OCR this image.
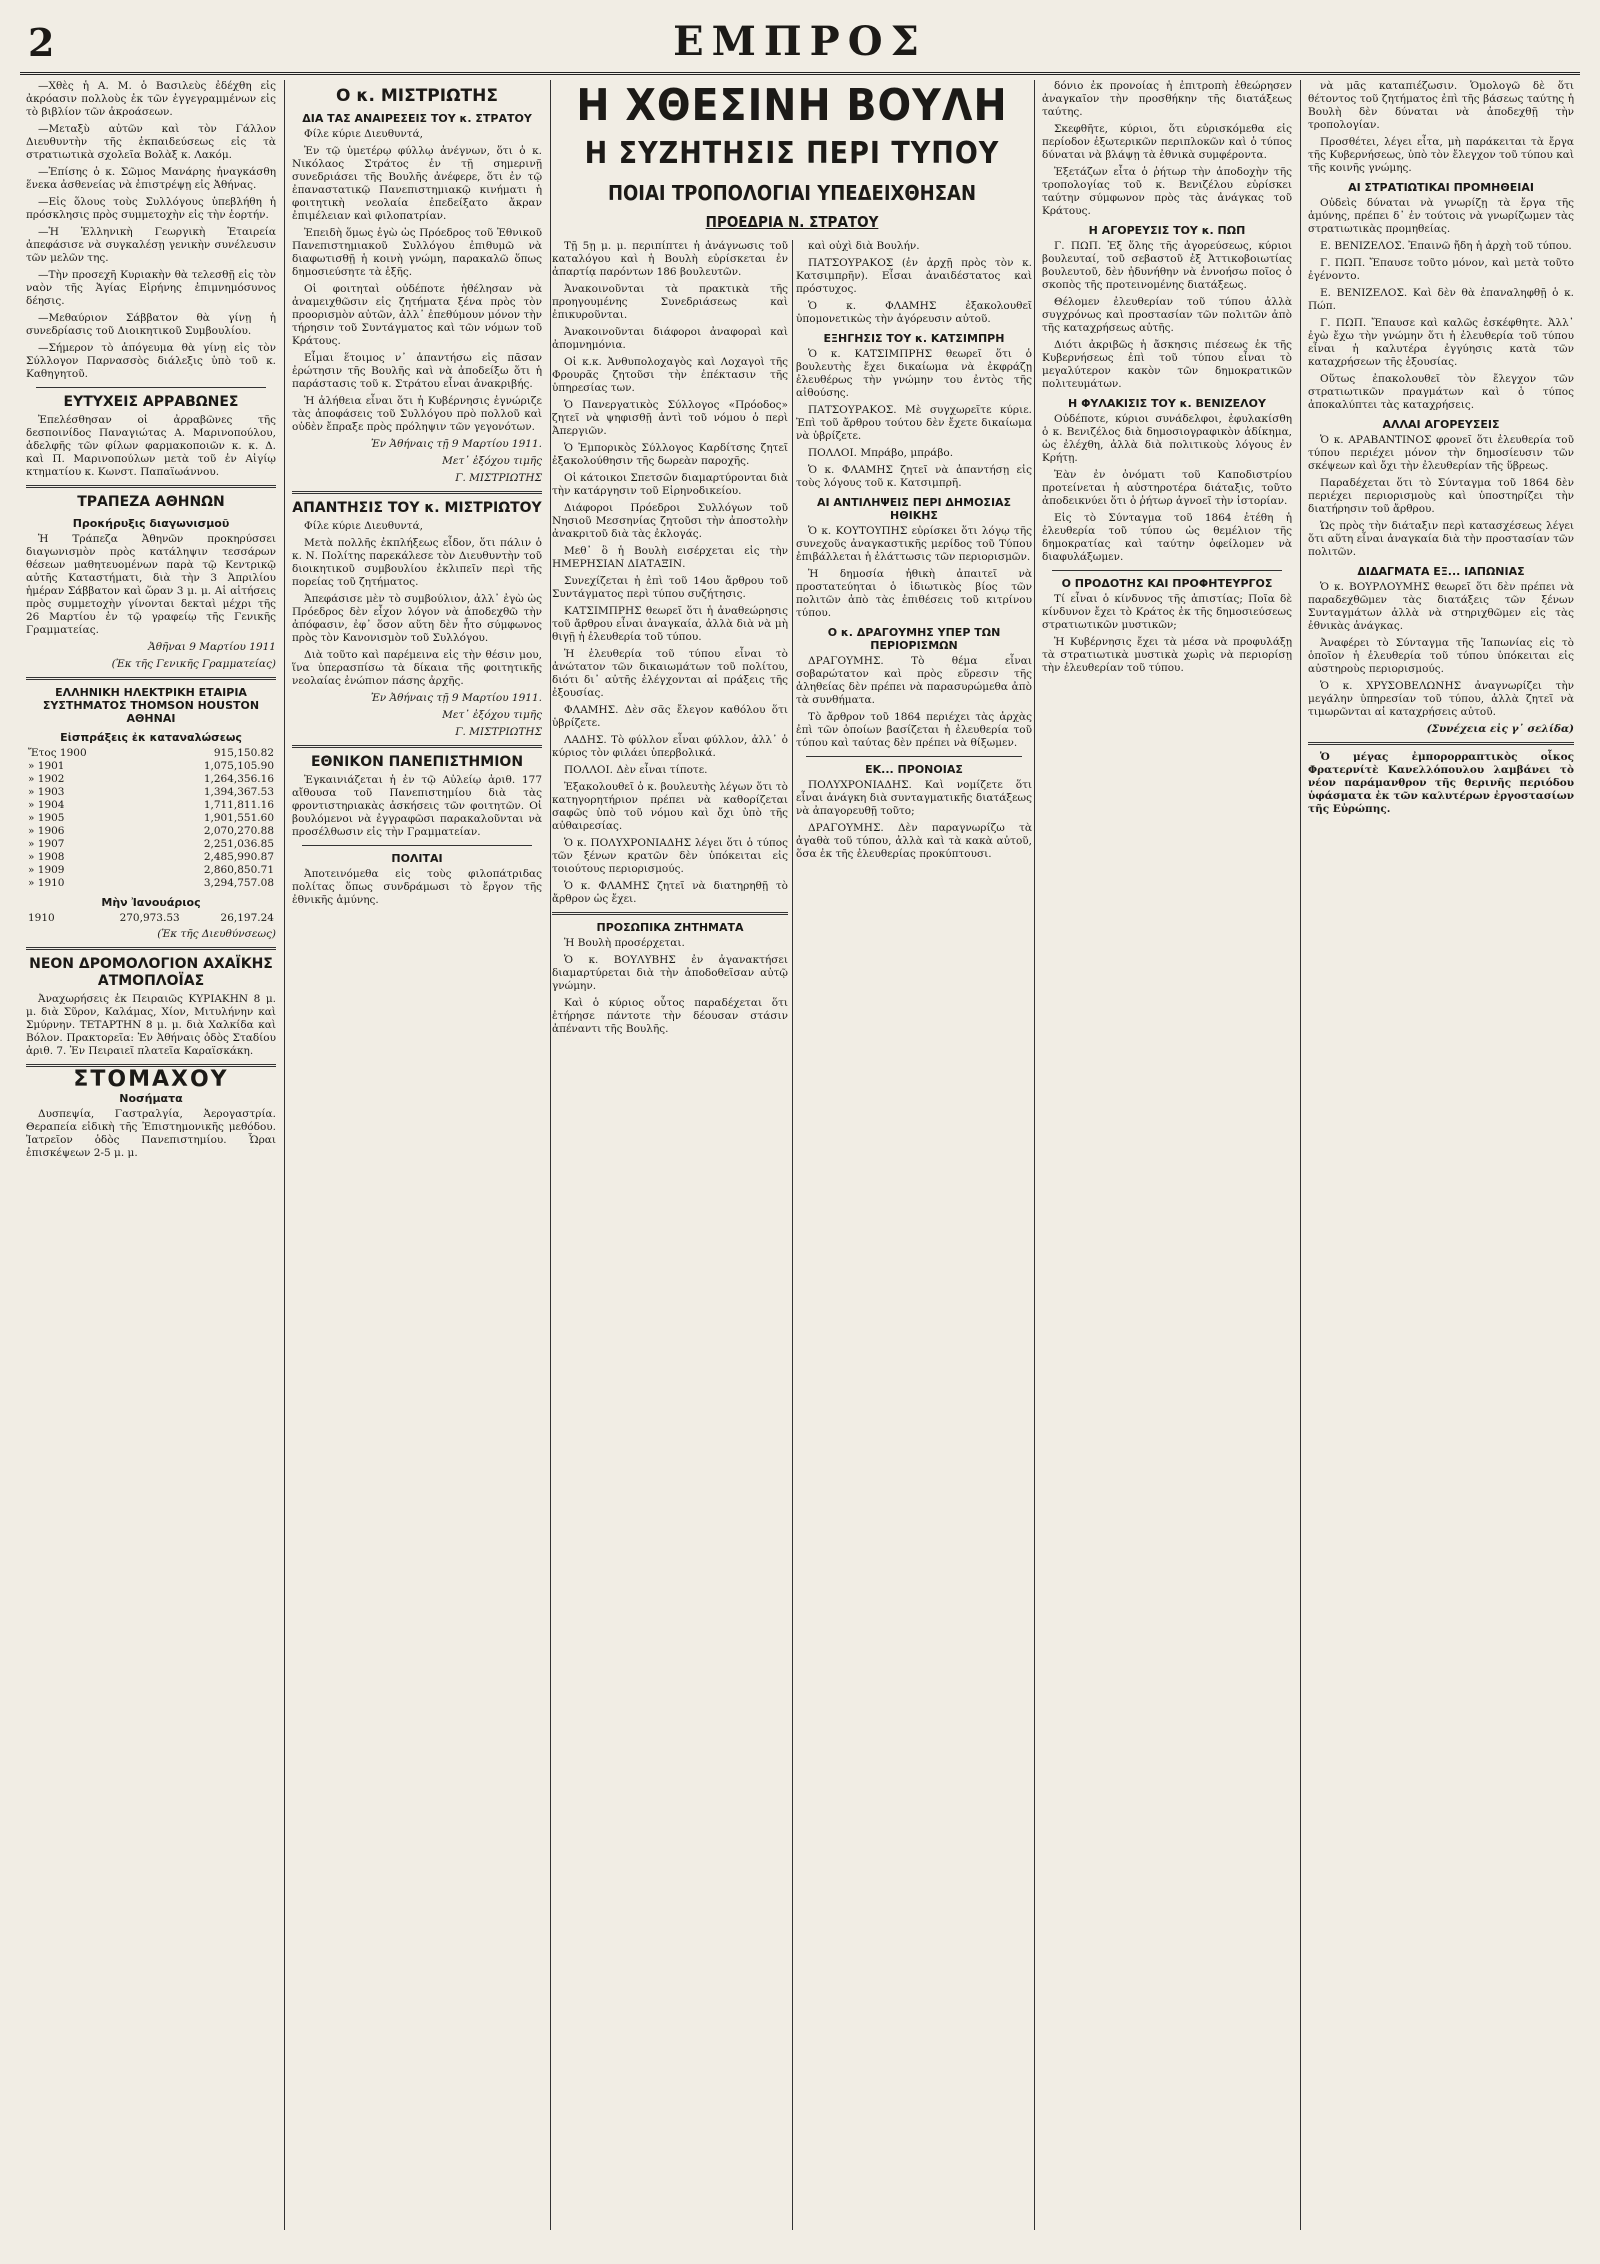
2	ΕΜΠΡΟΣ

—Χθὲς ἡ Α. Μ. ὁ Βασιλεὺς ἐδέχθη εἰς ἀκρόασιν πολλοὺς ἐκ τῶν ἐγγεγραμμένων εἰς τὸ βιβλίον τῶν ἀκροάσεων.

—Μεταξὺ αὐτῶν καὶ τὸν Γάλλον Διευθυντὴν τῆς ἐκπαιδεύσεως εἰς τὰ στρατιωτικὰ σχολεῖα Βολὰξ κ. Λακόμ.

—Ἐπίσης ὁ κ. Σῶμος Μανάρης ἠναγκάσθη ἕνεκα ἀσθενείας νὰ ἐπιστρέψῃ εἰς Ἀθήνας.

—Εἰς ὅλους τοὺς Συλλόγους ὑπεβλήθη ἡ πρόσκλησις πρὸς συμμετοχὴν εἰς τὴν ἑορτήν.

—Ἡ Ἑλληνικὴ Γεωργικὴ Ἑταιρεία ἀπεφάσισε νὰ συγκαλέσῃ γενικὴν συνέλευσιν τῶν μελῶν της.

—Τὴν προσεχῆ Κυριακὴν θὰ τελεσθῇ εἰς τὸν ναὸν τῆς Ἁγίας Εἰρήνης ἐπιμνημόσυνος δέησις.

—Μεθαύριον Σάββατον θὰ γίνῃ ἡ συνεδρίασις τοῦ Διοικητικοῦ Συμβουλίου.

—Σήμερον τὸ ἀπόγευμα θὰ γίνῃ εἰς τὸν Σύλλογον Παρνασσὸς διάλεξις ὑπὸ τοῦ κ. Καθηγητοῦ.

ΕΥΤΥΧΕΙΣ ΑΡΡΑΒΩΝΕΣ

Ἐπελέσθησαν οἱ ἀρραβῶνες τῆς δεσποινίδος Παναγιώτας Α. Μαρινοπούλου, ἀδελφῆς τῶν φίλων φαρμακοποιῶν κ. κ. Δ. καὶ Π. Μαρινοπούλων μετὰ τοῦ ἐν Αἰγίῳ κτηματίου κ. Κωνστ. Παπαϊωάννου.

ΤΡΑΠΕΖΑ ΑΘΗΝΩΝ
Προκήρυξις διαγωνισμοῦ

Ἡ Τράπεζα Ἀθηνῶν προκηρύσσει διαγωνισμὸν πρὸς κατάληψιν τεσσάρων θέσεων μαθητευομένων παρὰ τῷ Κεντρικῷ αὐτῆς Καταστήματι, διὰ τὴν 3 Ἀπριλίου ἡμέραν Σάββατον καὶ ὥραν 3 μ. μ. Αἱ αἰτήσεις πρὸς συμμετοχὴν γίνονται δεκταὶ μέχρι τῆς 26 Μαρτίου ἐν τῷ γραφείῳ τῆς Γενικῆς Γραμματείας.

Ἀθῆναι 9 Μαρτίου 1911

(Ἐκ τῆς Γενικῆς Γραμματείας)

ΕΛΛΗΝΙΚΗ ΗΛΕΚΤΡΙΚΗ ΕΤΑΙΡΙΑ ΣΥΣΤΗΜΑΤΟΣ THOMSON HOUSTON ΑΘΗΝΑΙ
Εἰσπράξεις ἐκ καταναλώσεως
Ἔτος 1900	915,150.82
» 1901	1,075,105.90
» 1902	1,264,356.16
» 1903	1,394,367.53
» 1904	1,711,811.16
» 1905	1,901,551.60
» 1906	2,070,270.88
» 1907	2,251,036.85
» 1908	2,485,990.87
» 1909	2,860,850.71
» 1910	3,294,757.08
Μὴν Ἰανουάριος
1910	270,973.53	26,197.24

(Ἐκ τῆς Διευθύνσεως)

ΝΕΟΝ ΔΡΟΜΟΛΟΓΙΟΝ ΑΧΑΪΚΗΣ ΑΤΜΟΠΛΟΪΑΣ

Ἀναχωρήσεις ἐκ Πειραιῶς ΚΥΡΙΑΚΗΝ 8 μ. μ. διὰ Σῦρον, Καλάμας, Χίον, Μιτυλήνην καὶ Σμύρνην. ΤΕΤΑΡΤΗΝ 8 μ. μ. διὰ Χαλκίδα καὶ Βόλον. Πρακτορεῖα: Ἐν Ἀθήναις ὁδὸς Σταδίου ἀριθ. 7. Ἐν Πειραιεῖ πλατεῖα Καραϊσκάκη.

ΣΤΟΜΑΧΟΥ
Νοσήματα

Δυσπεψία, Γαστραλγία, Ἀερογαστρία. Θεραπεία εἰδικὴ τῆς Ἐπιστημονικῆς μεθόδου. Ἰατρεῖον ὁδὸς Πανεπιστημίου. Ὧραι ἐπισκέψεων 2-5 μ. μ.

Ο κ. ΜΙΣΤΡΙΩΤΗΣ
ΔΙΑ ΤΑΣ ΑΝΑΙΡΕΣΕΙΣ ΤΟΥ κ. ΣΤΡΑΤΟΥ

Φίλε κύριε Διευθυντά,

Ἐν τῷ ὑμετέρῳ φύλλῳ ἀνέγνων, ὅτι ὁ κ. Νικόλαος Στράτος ἐν τῇ σημερινῇ συνεδριάσει τῆς Βουλῆς ἀνέφερε, ὅτι ἐν τῷ ἐπαναστατικῷ Πανεπιστημιακῷ κινήματι ἡ φοιτητικὴ νεολαία ἐπεδείξατο ἄκραν ἐπιμέλειαν καὶ φιλοπατρίαν.

Ἐπειδὴ ὅμως ἐγὼ ὡς Πρόεδρος τοῦ Ἐθνικοῦ Πανεπιστημιακοῦ Συλλόγου ἐπιθυμῶ νὰ διαφωτισθῇ ἡ κοινὴ γνώμη, παρακαλῶ ὅπως δημοσιεύσητε τὰ ἑξῆς.

Οἱ φοιτηταὶ οὐδέποτε ἠθέλησαν νὰ ἀναμειχθῶσιν εἰς ζητήματα ξένα πρὸς τὸν προορισμὸν αὐτῶν, ἀλλ᾽ ἐπεθύμουν μόνον τὴν τήρησιν τοῦ Συντάγματος καὶ τῶν νόμων τοῦ Κράτους.

Εἶμαι ἕτοιμος ν᾽ ἀπαντήσω εἰς πᾶσαν ἐρώτησιν τῆς Βουλῆς καὶ νὰ ἀποδείξω ὅτι ἡ παράστασις τοῦ κ. Στράτου εἶναι ἀνακριβής.

Ἡ ἀλήθεια εἶναι ὅτι ἡ Κυβέρνησις ἐγνώριζε τὰς ἀποφάσεις τοῦ Συλλόγου πρὸ πολλοῦ καὶ οὐδὲν ἔπραξε πρὸς πρόληψιν τῶν γεγονότων.

Ἐν Ἀθήναις τῇ 9 Μαρτίου 1911.

Μετ᾽ ἐξόχου τιμῆς

Γ. ΜΙΣΤΡΙΩΤΗΣ

ΑΠΑΝΤΗΣΙΣ ΤΟΥ κ. ΜΙΣΤΡΙΩΤΟΥ

Φίλε κύριε Διευθυντά,

Μετὰ πολλῆς ἐκπλήξεως εἶδον, ὅτι πάλιν ὁ κ. Ν. Πολίτης παρεκάλεσε τὸν Διευθυντὴν τοῦ διοικητικοῦ συμβουλίου ἐκλιπεῖν περὶ τῆς πορείας τοῦ ζητήματος.

Ἀπεφάσισε μὲν τὸ συμβούλιον, ἀλλ᾽ ἐγὼ ὡς Πρόεδρος δὲν εἶχον λόγον νὰ ἀποδεχθῶ τὴν ἀπόφασιν, ἐφ᾽ ὅσον αὕτη δὲν ἦτο σύμφωνος πρὸς τὸν Κανονισμὸν τοῦ Συλλόγου.

Διὰ τοῦτο καὶ παρέμεινα εἰς τὴν θέσιν μου, ἵνα ὑπερασπίσω τὰ δίκαια τῆς φοιτητικῆς νεολαίας ἐνώπιον πάσης ἀρχῆς.

Ἐν Ἀθήναις τῇ 9 Μαρτίου 1911.

Μετ᾽ ἐξόχου τιμῆς

Γ. ΜΙΣΤΡΙΩΤΗΣ

ΕΘΝΙΚΟΝ ΠΑΝΕΠΙΣΤΗΜΙΟΝ

Ἐγκαινιάζεται ἡ ἐν τῷ Αὐλείῳ ἀριθ. 177 αἴθουσα τοῦ Πανεπιστημίου διὰ τὰς φροντιστηριακὰς ἀσκήσεις τῶν φοιτητῶν. Οἱ βουλόμενοι νὰ ἐγγραφῶσι παρακαλοῦνται νὰ προσέλθωσιν εἰς τὴν Γραμματείαν.

ΠΟΛΙΤΑΙ

Ἀποτεινόμεθα εἰς τοὺς φιλοπάτριδας πολίτας ὅπως συνδράμωσι τὸ ἔργον τῆς ἐθνικῆς ἀμύνης.

Η ΧΘΕΣΙΝΗ ΒΟΥΛΗ
Η ΣΥΖΗΤΗΣΙΣ ΠΕΡΙ ΤΥΠΟΥ
ΠΟΙΑΙ ΤΡΟΠΟΛΟΓΙΑΙ ΥΠΕΔΕΙΧΘΗΣΑΝ
ΠΡΟΕΔΡΙΑ Ν. ΣΤΡΑΤΟΥ

Τῇ 5ῃ μ. μ. περιπίπτει ἡ ἀνάγνωσις τοῦ καταλόγου καὶ ἡ Βουλὴ εὑρίσκεται ἐν ἀπαρτίᾳ παρόντων 186 βουλευτῶν.

Ἀνακοινοῦνται τὰ πρακτικὰ τῆς προηγουμένης Συνεδριάσεως καὶ ἐπικυροῦνται.

Ἀνακοινοῦνται διάφοροι ἀναφοραὶ καὶ ἀπομνημόνια.

Οἱ κ.κ. Ἀνθυπολοχαγὸς καὶ Λοχαγοὶ τῆς Φρουρᾶς ζητοῦσι τὴν ἐπέκτασιν τῆς ὑπηρεσίας των.

Ὁ Πανεργατικὸς Σύλλογος «Πρόοδος» ζητεῖ νὰ ψηφισθῇ ἀντὶ τοῦ νόμου ὁ περὶ Ἀπεργιῶν.

Ὁ Ἐμπορικὸς Σύλλογος Καρδίτσης ζητεῖ ἐξακολούθησιν τῆς δωρεὰν παροχῆς.

Οἱ κάτοικοι Σπετσῶν διαμαρτύρονται διὰ τὴν κατάργησιν τοῦ Εἰρηνοδικείου.

Διάφοροι Πρόεδροι Συλλόγων τοῦ Νησιοῦ Μεσσηνίας ζητοῦσι τὴν ἀποστολὴν ἀνακριτοῦ διὰ τὰς ἐκλογάς.

Μεθ᾽ ὃ ἡ Βουλὴ εισέρχεται εἰς τὴν ΗΜΕΡΗΣΙΑΝ ΔΙΑΤΑΞΙΝ.

Συνεχίζεται ἡ ἐπὶ τοῦ 14ου ἄρθρου τοῦ Συντάγματος περὶ τύπου συζήτησις.

ΚΑΤΣΙΜΠΡΗΣ θεωρεῖ ὅτι ἡ ἀναθεώρησις τοῦ ἄρθρου εἶναι ἀναγκαία, ἀλλὰ διὰ νὰ μὴ θιγῇ ἡ ἐλευθερία τοῦ τύπου.

Ἡ ἐλευθερία τοῦ τύπου εἶναι τὸ ἀνώτατον τῶν δικαιωμάτων τοῦ πολίτου, διότι δι᾽ αὐτῆς ἐλέγχονται αἱ πράξεις τῆς ἐξουσίας.

ΦΛΑΜΗΣ. Δὲν σᾶς ἔλεγον καθόλου ὅτι ὑβρίζετε.

ΛΑΔΗΣ. Τὸ φύλλον εἶναι φύλλον, ἀλλ᾽ ὁ κύριος τὸν φιλάει ὑπερβολικά.

ΠΟΛΛΟΙ. Δὲν εἶναι τίποτε.

Ἐξακολουθεῖ ὁ κ. βουλευτὴς λέγων ὅτι τὸ κατηγορητήριον πρέπει νὰ καθορίζεται σαφῶς ὑπὸ τοῦ νόμου καὶ ὄχι ὑπὸ τῆς αὐθαιρεσίας.

Ὁ κ. ΠΟΛΥΧΡΟΝΙΑΔΗΣ λέγει ὅτι ὁ τύπος τῶν ξένων κρατῶν δὲν ὑπόκειται εἰς τοιούτους περιορισμούς.

Ὁ κ. ΦΛΑΜΗΣ ζητεῖ νὰ διατηρηθῇ τὸ ἄρθρον ὡς ἔχει.

ΠΡΟΣΩΠΙΚΑ ΖΗΤΗΜΑΤΑ

Ἡ Βουλὴ προσέρχεται.

Ὁ κ. ΒΟΥΛΥΒΗΣ ἐν ἀγανακτήσει διαμαρτύρεται διὰ τὴν ἀποδοθεῖσαν αὐτῷ γνώμην.

Καὶ ὁ κύριος οὗτος παραδέχεται ὅτι ἐτήρησε πάντοτε τὴν δέουσαν στάσιν ἀπέναντι τῆς Βουλῆς.

καὶ οὐχὶ διὰ Βουλήν.

ΠΑΤΣΟΥΡΑΚΟΣ (ἐν ἀρχῇ πρὸς τὸν κ. Κατσιμπρῆν). Εἶσαι ἀναιδέστατος καὶ πρόστυχος.

Ὁ κ. ΦΛΑΜΗΣ ἐξακολουθεῖ ὑπομονετικὼς τὴν ἀγόρευσιν αὐτοῦ.

ΕΞΗΓΗΣΙΣ ΤΟΥ κ. ΚΑΤΣΙΜΠΡΗ

Ὁ κ. ΚΑΤΣΙΜΠΡΗΣ θεωρεῖ ὅτι ὁ βουλευτὴς ἔχει δικαίωμα νὰ ἐκφράζῃ ἐλευθέρως τὴν γνώμην του ἐντὸς τῆς αἰθούσης.

ΠΑΤΣΟΥΡΑΚΟΣ. Μὲ συγχωρεῖτε κύριε. Ἐπὶ τοῦ ἄρθρου τούτου δὲν ἔχετε δικαίωμα νὰ ὑβρίζετε.

ΠΟΛΛΟΙ. Μπράβο, μπράβο.

Ὁ κ. ΦΛΑΜΗΣ ζητεῖ νὰ ἀπαντήσῃ εἰς τοὺς λόγους τοῦ κ. Κατσιμπρῆ.

ΑΙ ΑΝΤΙΛΗΨΕΙΣ ΠΕΡΙ ΔΗΜΟΣΙΑΣ ΗΘΙΚΗΣ

Ὁ κ. ΚΟΥΤΟΥΠΗΣ εὑρίσκει ὅτι λόγῳ τῆς συνεχοῦς ἀναγκαστικῆς μερίδος τοῦ Τύπου ἐπιβάλλεται ἡ ἐλάττωσις τῶν περιορισμῶν.

Ἡ δημοσία ἠθικὴ ἀπαιτεῖ νὰ προστατεύηται ὁ ἰδιωτικὸς βίος τῶν πολιτῶν ἀπὸ τὰς ἐπιθέσεις τοῦ κιτρίνου τύπου.

Ο κ. ΔΡΑΓΟΥΜΗΣ ΥΠΕΡ ΤΩΝ ΠΕΡΙΟΡΙΣΜΩΝ

ΔΡΑΓΟΥΜΗΣ. Τὸ θέμα εἶναι σοβαρώτατον καὶ πρὸς εὕρεσιν τῆς ἀληθείας δὲν πρέπει νὰ παρασυρώμεθα ἀπὸ τὰ συνθήματα.

Τὸ ἄρθρον τοῦ 1864 περιέχει τὰς ἀρχὰς ἐπὶ τῶν ὁποίων βασίζεται ἡ ἐλευθερία τοῦ τύπου καὶ ταύτας δὲν πρέπει νὰ θίξωμεν.

ΕΚ... ΠΡΟΝΟΙΑΣ

ΠΟΛΥΧΡΟΝΙΑΔΗΣ. Καὶ νομίζετε ὅτι εἶναι ἀνάγκη διὰ συνταγματικῆς διατάξεως νὰ ἀπαγορευθῇ τοῦτο;

ΔΡΑΓΟΥΜΗΣ. Δὲν παραγνωρίζω τὰ ἀγαθὰ τοῦ τύπου, ἀλλὰ καὶ τὰ κακὰ αὐτοῦ, ὅσα ἐκ τῆς ἐλευθερίας προκύπτουσι.

δόνιο ἐκ προνοίας ἡ ἐπιτροπὴ ἐθεώρησεν ἀναγκαῖον τὴν προσθήκην τῆς διατάξεως ταύτης.

Σκεφθῆτε, κύριοι, ὅτι εὑρισκόμεθα εἰς περίοδον ἐξωτερικῶν περιπλοκῶν καὶ ὁ τύπος δύναται νὰ βλάψῃ τὰ ἐθνικὰ συμφέροντα.

Ἐξετάζων εἶτα ὁ ῥήτωρ τὴν ἀποδοχὴν τῆς τροπολογίας τοῦ κ. Βενιζέλου εὑρίσκει ταύτην σύμφωνον πρὸς τὰς ἀνάγκας τοῦ Κράτους.

Η ΑΓΟΡΕΥΣΙΣ ΤΟΥ κ. ΠΩΠ

Γ. ΠΩΠ. Ἐξ ὅλης τῆς ἀγορεύσεως, κύριοι βουλευταί, τοῦ σεβαστοῦ ἐξ Ἀττικοβοιωτίας βουλευτοῦ, δὲν ἠδυνήθην νὰ ἐννοήσω ποῖος ὁ σκοπὸς τῆς προτεινομένης διατάξεως.

Θέλομεν ἐλευθερίαν τοῦ τύπου ἀλλὰ συγχρόνως καὶ προστασίαν τῶν πολιτῶν ἀπὸ τῆς καταχρήσεως αὐτῆς.

Διότι ἀκριβῶς ἡ ἄσκησις πιέσεως ἐκ τῆς Κυβερνήσεως ἐπὶ τοῦ τύπου εἶναι τὸ μεγαλύτερον κακὸν τῶν δημοκρατικῶν πολιτευμάτων.

Η ΦΥΛΑΚΙΣΙΣ ΤΟΥ κ. ΒΕΝΙΖΕΛΟΥ

Οὐδέποτε, κύριοι συνάδελφοι, ἐφυλακίσθη ὁ κ. Βενιζέλος διὰ δημοσιογραφικὸν ἀδίκημα, ὡς ἐλέχθη, ἀλλὰ διὰ πολιτικοὺς λόγους ἐν Κρήτῃ.

Ἐὰν ἐν ὀνόματι τοῦ Καποδιστρίου προτείνεται ἡ αὐστηροτέρα διάταξις, τοῦτο ἀποδεικνύει ὅτι ὁ ῥήτωρ ἀγνοεῖ τὴν ἱστορίαν.

Εἰς τὸ Σύνταγμα τοῦ 1864 ἐτέθη ἡ ἐλευθερία τοῦ τύπου ὡς θεμέλιον τῆς δημοκρατίας καὶ ταύτην ὀφείλομεν νὰ διαφυλάξωμεν.

Ο ΠΡΟΔΟΤΗΣ ΚΑΙ ΠΡΟΦΗΤΕΥΡΓΟΣ

Τί εἶναι ὁ κίνδυνος τῆς ἀπιστίας; Ποῖα δὲ κίνδυνον ἔχει τὸ Κράτος ἐκ τῆς δημοσιεύσεως στρατιωτικῶν μυστικῶν;

Ἡ Κυβέρνησις ἔχει τὰ μέσα νὰ προφυλάξῃ τὰ στρατιωτικὰ μυστικὰ χωρὶς νὰ περιορίσῃ τὴν ἐλευθερίαν τοῦ τύπου.

νὰ μᾶς καταπιέζωσιν. Ὁμολογῶ δὲ ὅτι θέτοντος τοῦ ζητήματος ἐπὶ τῆς βάσεως ταύτης ἡ Βουλὴ δὲν δύναται νὰ ἀποδεχθῇ τὴν τροπολογίαν.

Προσθέτει, λέγει εἶτα, μὴ παράκειται τὰ ἔργα τῆς Κυβερνήσεως, ὑπὸ τὸν ἔλεγχον τοῦ τύπου καὶ τῆς κοινῆς γνώμης.

ΑΙ ΣΤΡΑΤΙΩΤΙΚΑΙ ΠΡΟΜΗΘΕΙΑΙ

Οὐδεὶς δύναται νὰ γνωρίζῃ τὰ ἔργα τῆς ἀμύνης, πρέπει δ᾽ ἐν τούτοις νὰ γνωρίζωμεν τὰς στρατιωτικὰς προμηθείας.

Ε. ΒΕΝΙΖΕΛΟΣ. Ἐπαινῶ ἤδη ἡ ἀρχὴ τοῦ τύπου.

Γ. ΠΩΠ. Ἔπαυσε τοῦτο μόνον, καὶ μετὰ τοῦτο ἐγένοντο.

Ε. ΒΕΝΙΖΕΛΟΣ. Καὶ δὲν θὰ ἐπαναληφθῇ ὁ κ. Πώπ.

Γ. ΠΩΠ. Ἔπαυσε καὶ καλῶς ἐσκέφθητε. Ἀλλ᾽ ἐγὼ ἔχω τὴν γνώμην ὅτι ἡ ἐλευθερία τοῦ τύπου εἶναι ἡ καλυτέρα ἐγγύησις κατὰ τῶν καταχρήσεων τῆς ἐξουσίας.

Οὕτως ἐπακολουθεῖ τὸν ἔλεγχον τῶν στρατιωτικῶν πραγμάτων καὶ ὁ τύπος ἀποκαλύπτει τὰς καταχρήσεις.

ΑΛΛΑΙ ΑΓΟΡΕΥΣΕΙΣ

Ὁ κ. ΑΡΑΒΑΝΤΙΝΟΣ φρονεῖ ὅτι ἐλευθερία τοῦ τύπου περιέχει μόνον τὴν δημοσίευσιν τῶν σκέψεων καὶ ὄχι τὴν ἐλευθερίαν τῆς ὕβρεως.

Παραδέχεται ὅτι τὸ Σύνταγμα τοῦ 1864 δὲν περιέχει περιορισμοὺς καὶ ὑποστηρίζει τὴν διατήρησιν τοῦ ἄρθρου.

Ὡς πρὸς τὴν διάταξιν περὶ κατασχέσεως λέγει ὅτι αὕτη εἶναι ἀναγκαία διὰ τὴν προστασίαν τῶν πολιτῶν.

ΔΙΔΑΓΜΑΤΑ ΕΞ... ΙΑΠΩΝΙΑΣ

Ὁ κ. ΒΟΥΡΛΟΥΜΗΣ θεωρεῖ ὅτι δὲν πρέπει νὰ παραδεχθῶμεν τὰς διατάξεις τῶν ξένων Συνταγμάτων ἀλλὰ νὰ στηριχθῶμεν εἰς τὰς ἐθνικὰς ἀνάγκας.

Ἀναφέρει τὸ Σύνταγμα τῆς Ἰαπωνίας εἰς τὸ ὁποῖον ἡ ἐλευθερία τοῦ τύπου ὑπόκειται εἰς αὐστηροὺς περιορισμούς.

Ὁ κ. ΧΡΥΣΟΒΕΛΩΝΗΣ ἀναγνωρίζει τὴν μεγάλην ὑπηρεσίαν τοῦ τύπου, ἀλλὰ ζητεῖ νὰ τιμωρῶνται αἱ καταχρήσεις αὐτοῦ.

(Συνέχεια εἰς γ᾽ σελίδα)

Ὁ μέγας ἐμπορορραπτικὸς οἶκος Φρατερνίτὲ Κανελλόπουλου λαμβάνει τὸ νέον παράμανθρον τῆς θερινῆς περιόδου ὑφάσματα ἐκ τῶν καλυτέρων ἐργοστασίων τῆς Εὐρώπης.
